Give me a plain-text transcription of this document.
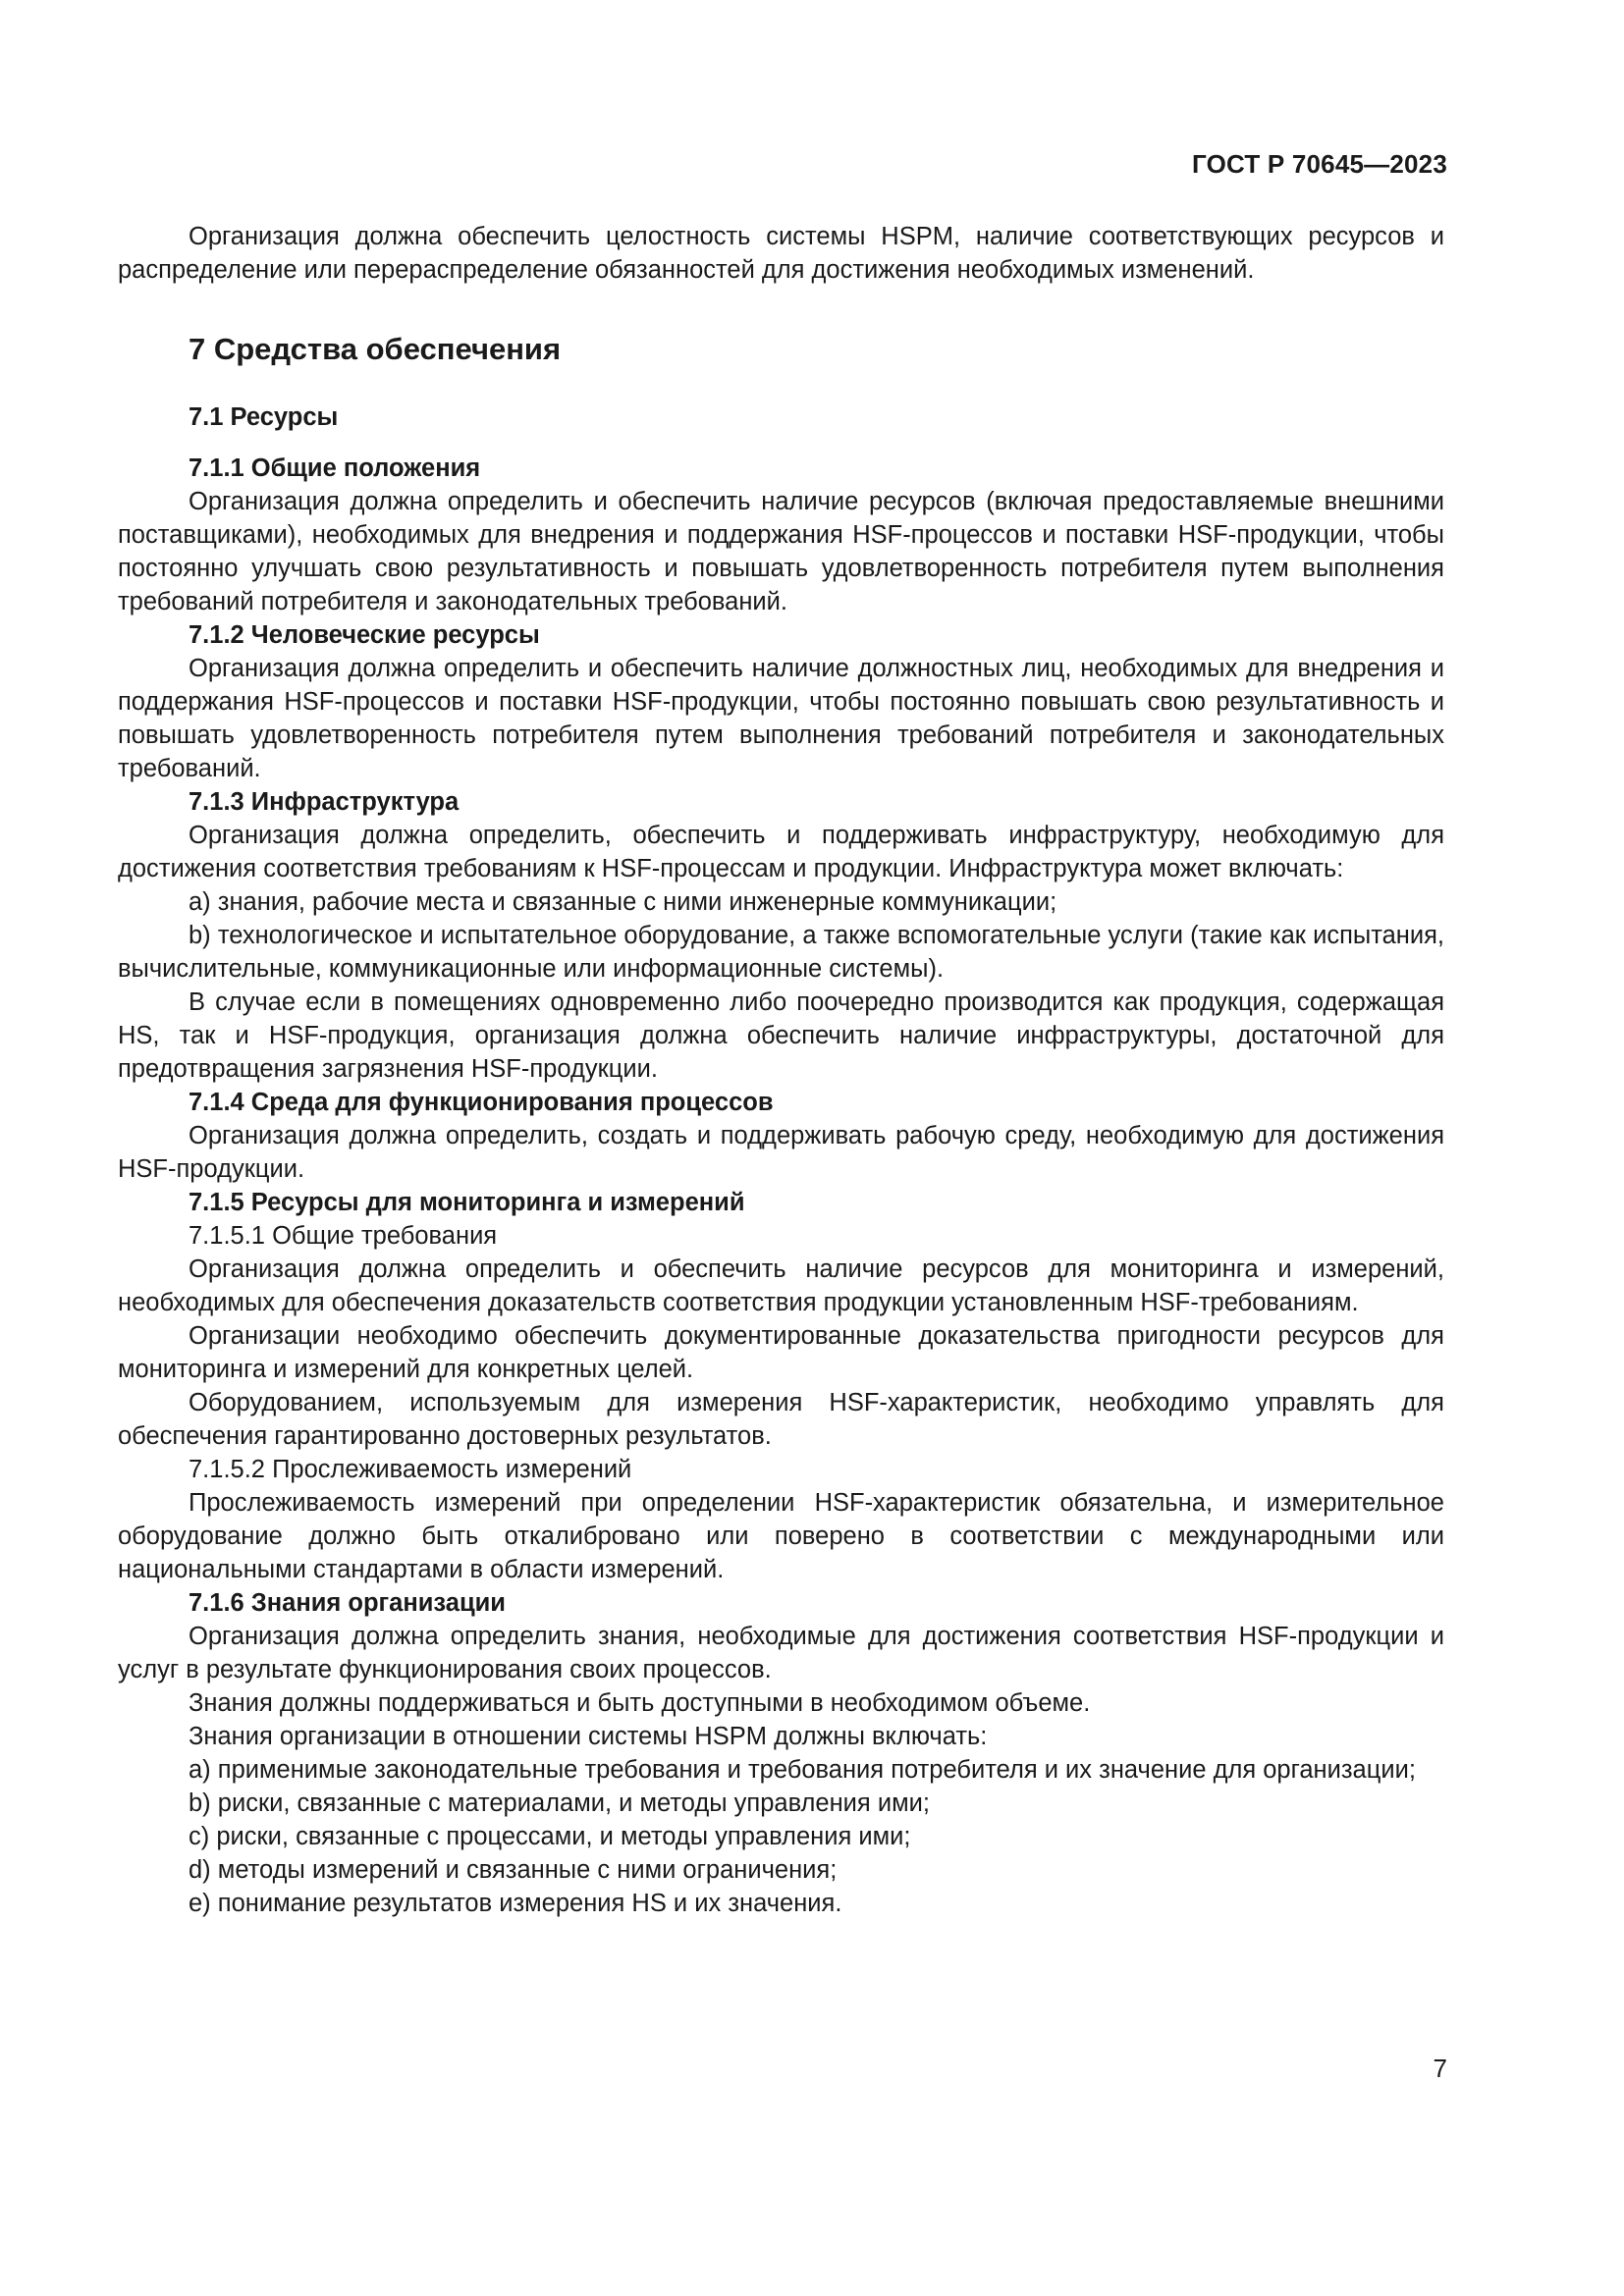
ГОСТ Р 70645—2023

Организация должна обеспечить целостность системы HSPM, наличие соответствующих ресурсов и распределение или перераспределение обязанностей для достижения необходимых изменений.

7 Средства обеспечения

7.1 Ресурсы

7.1.1 Общие положения

Организация должна определить и обеспечить наличие ресурсов (включая предоставляемые внешними поставщиками), необходимых для внедрения и поддержания HSF-процессов и поставки HSF-продукции, чтобы постоянно улучшать свою результативность и повышать удовлетворенность потребителя путем выполнения требований потребителя и законодательных требований.

7.1.2 Человеческие ресурсы

Организация должна определить и обеспечить наличие должностных лиц, необходимых для внедрения и поддержания HSF-процессов и поставки HSF-продукции, чтобы постоянно повышать свою результативность и повышать удовлетворенность потребителя путем выполнения требований потребителя и законодательных требований.

7.1.3 Инфраструктура

Организация должна определить, обеспечить и поддерживать инфраструктуру, необходимую для достижения соответствия требованиям к HSF-процессам и продукции. Инфраструктура может включать:

a) знания, рабочие места и связанные с ними инженерные коммуникации;

b) технологическое и испытательное оборудование, а также вспомогательные услуги (такие как испытания, вычислительные, коммуникационные или информационные системы).

В случае если в помещениях одновременно либо поочередно производится как продукция, содержащая HS, так и HSF-продукция, организация должна обеспечить наличие инфраструктуры, достаточной для предотвращения загрязнения HSF-продукции.

7.1.4 Среда для функционирования процессов

Организация должна определить, создать и поддерживать рабочую среду, необходимую для достижения HSF-продукции.

7.1.5 Ресурсы для мониторинга и измерений

7.1.5.1 Общие требования

Организация должна определить и обеспечить наличие ресурсов для мониторинга и измерений, необходимых для обеспечения доказательств соответствия продукции установленным HSF-требованиям.

Организации необходимо обеспечить документированные доказательства пригодности ресурсов для мониторинга и измерений для конкретных целей.

Оборудованием, используемым для измерения HSF-характеристик, необходимо управлять для обеспечения гарантированно достоверных результатов.

7.1.5.2 Прослеживаемость измерений

Прослеживаемость измерений при определении HSF-характеристик обязательна, и измерительное оборудование должно быть откалибровано или поверено в соответствии с международными или национальными стандартами в области измерений.

7.1.6 Знания организации

Организация должна определить знания, необходимые для достижения соответствия HSF-продукции и услуг в результате функционирования своих процессов.

Знания должны поддерживаться и быть доступными в необходимом объеме.

Знания организации в отношении системы HSPM должны включать:

a) применимые законодательные требования и требования потребителя и их значение для организации;

b) риски, связанные с материалами, и методы управления ими;

c) риски, связанные с процессами, и методы управления ими;

d) методы измерений и связанные с ними ограничения;

e) понимание результатов измерения HS и их значения.

7
